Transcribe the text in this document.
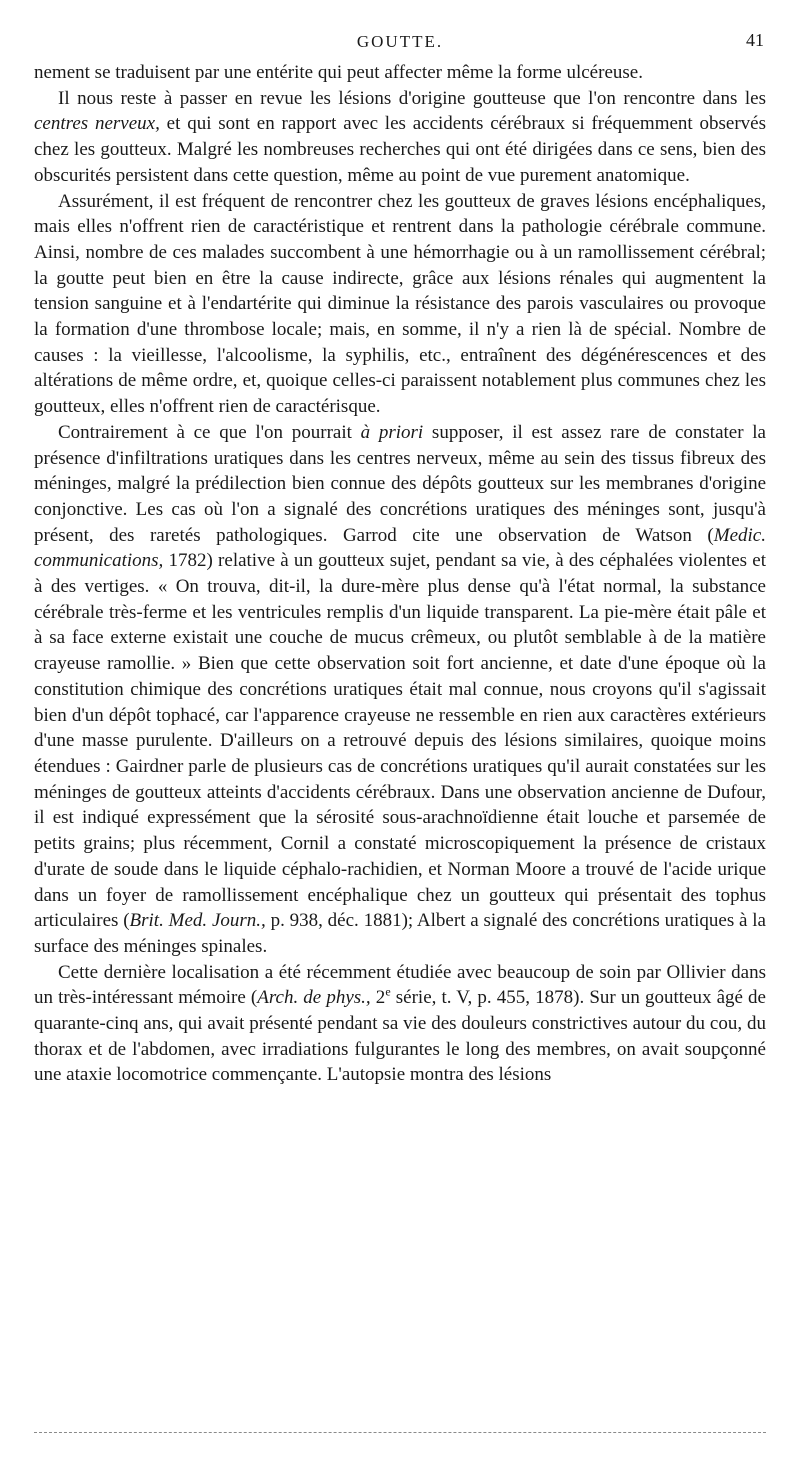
GOUTTE.	41

nement se traduisent par une entérite qui peut affecter même la forme ulcéreuse.

Il nous reste à passer en revue les lésions d'origine goutteuse que l'on rencontre dans les centres nerveux, et qui sont en rapport avec les accidents cérébraux si fréquemment observés chez les goutteux. Malgré les nombreuses recherches qui ont été dirigées dans ce sens, bien des obscurités persistent dans cette question, même au point de vue purement anatomique.

Assurément, il est fréquent de rencontrer chez les goutteux de graves lésions encéphaliques, mais elles n'offrent rien de caractéristique et rentrent dans la pathologie cérébrale commune. Ainsi, nombre de ces malades succombent à une hémorrhagie ou à un ramollissement cérébral; la goutte peut bien en être la cause indirecte, grâce aux lésions rénales qui augmentent la tension sanguine et à l'endartérite qui diminue la résistance des parois vasculaires ou provoque la formation d'une thrombose locale; mais, en somme, il n'y a rien là de spécial. Nombre de causes : la vieillesse, l'alcoolisme, la syphilis, etc., entraînent des dégénérescences et des altérations de même ordre, et, quoique celles-ci paraissent notablement plus communes chez les goutteux, elles n'offrent rien de caractérisque.

Contrairement à ce que l'on pourrait à priori supposer, il est assez rare de constater la présence d'infiltrations uratiques dans les centres nerveux, même au sein des tissus fibreux des méninges, malgré la prédilection bien connue des dépôts goutteux sur les membranes d'origine conjonctive. Les cas où l'on a signalé des concrétions uratiques des méninges sont, jusqu'à présent, des raretés pathologiques. Garrod cite une observation de Watson (Medic. communications, 1782) relative à un goutteux sujet, pendant sa vie, à des céphalées violentes et à des vertiges. « On trouva, dit-il, la dure-mère plus dense qu'à l'état normal, la substance cérébrale très-ferme et les ventricules remplis d'un liquide transparent. La pie-mère était pâle et à sa face externe existait une couche de mucus crêmeux, ou plutôt semblable à de la matière crayeuse ramollie. » Bien que cette observation soit fort ancienne, et date d'une époque où la constitution chimique des concrétions uratiques était mal connue, nous croyons qu'il s'agissait bien d'un dépôt tophacé, car l'apparence crayeuse ne ressemble en rien aux caractères extérieurs d'une masse purulente. D'ailleurs on a retrouvé depuis des lésions similaires, quoique moins étendues : Gairdner parle de plusieurs cas de concrétions uratiques qu'il aurait constatées sur les méninges de goutteux atteints d'accidents cérébraux. Dans une observation ancienne de Dufour, il est indiqué expressément que la sérosité sous-arachnoïdienne était louche et parsemée de petits grains; plus récemment, Cornil a constaté microscopiquement la présence de cristaux d'urate de soude dans le liquide céphalo-rachidien, et Norman Moore a trouvé de l'acide urique dans un foyer de ramollissement encéphalique chez un goutteux qui présentait des tophus articulaires (Brit. Med. Journ., p. 938, déc. 1881); Albert a signalé des concrétions uratiques à la surface des méninges spinales.

Cette dernière localisation a été récemment étudiée avec beaucoup de soin par Ollivier dans un très-intéressant mémoire (Arch. de phys., 2e série, t. V, p. 455, 1878). Sur un goutteux âgé de quarante-cinq ans, qui avait présenté pendant sa vie des douleurs constrictives autour du cou, du thorax et de l'abdomen, avec irradiations fulgurantes le long des membres, on avait soupçonné une ataxie locomotrice commençante. L'autopsie montra des lésions
